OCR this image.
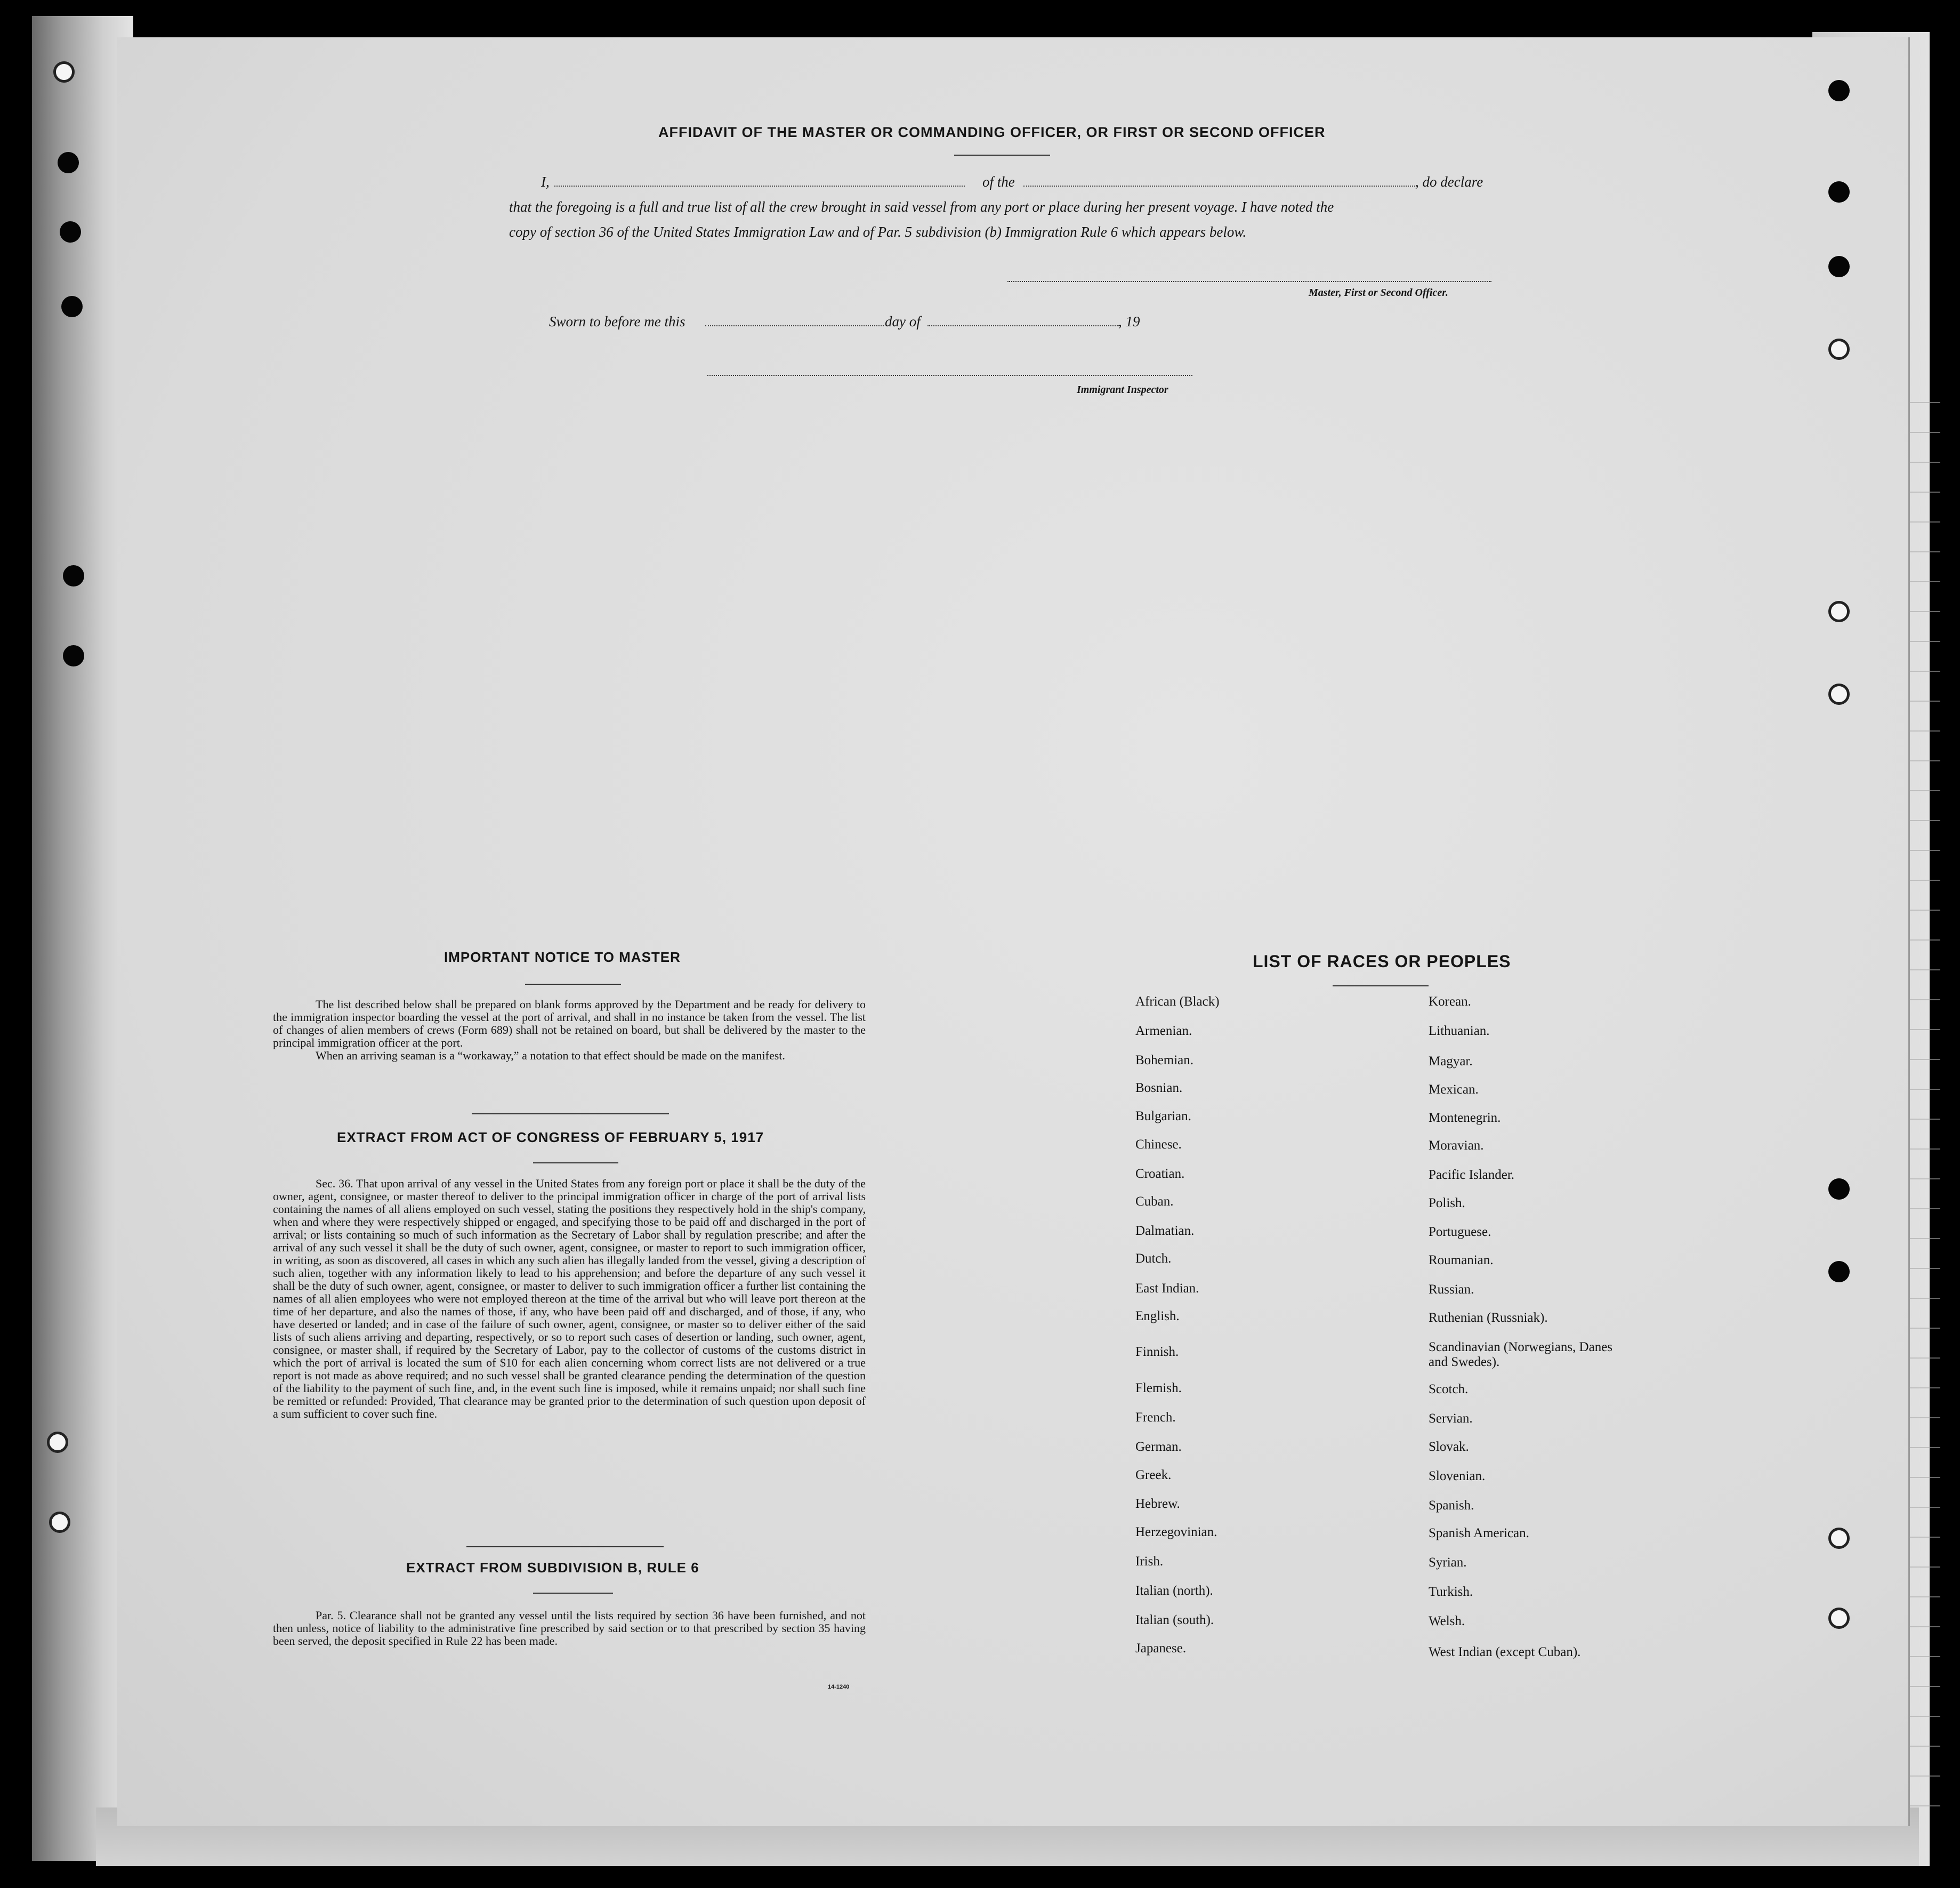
AFFIDAVIT OF THE MASTER OR COMMANDING OFFICER, OR FIRST OR SECOND OFFICER
I,	of the	, do declare
that the foregoing is a full and true list of all the crew brought in said vessel from any port or place during her present voyage. I have noted the
copy of section 36 of the United States Immigration Law and of Par. 5 subdivision (b) Immigration Rule 6 which appears below.
Master, First or Second Officer.
Sworn to before me this	day of	, 19
Immigrant Inspector
IMPORTANT NOTICE TO MASTER

The list described below shall be prepared on blank forms approved by the Department and be ready for delivery to the immigration inspector boarding the vessel at the port of arrival, and shall in no instance be taken from the vessel. The list of changes of alien members of crews (Form 689) shall not be retained on board, but shall be delivered by the master to the principal immigration officer at the port.

When an arriving seaman is a “workaway,” a notation to that effect should be made on the manifest.

EXTRACT FROM ACT OF CONGRESS OF FEBRUARY 5, 1917

Sec. 36. That upon arrival of any vessel in the United States from any foreign port or place it shall be the duty of the owner, agent, consignee, or master thereof to deliver to the principal immigration officer in charge of the port of arrival lists containing the names of all aliens employed on such vessel, stating the positions they respectively hold in the ship's company, when and where they were respectively shipped or engaged, and specifying those to be paid off and discharged in the port of arrival; or lists containing so much of such information as the Secretary of Labor shall by regulation prescribe; and after the arrival of any such vessel it shall be the duty of such owner, agent, consignee, or master to report to such immigration officer, in writing, as soon as discovered, all cases in which any such alien has illegally landed from the vessel, giving a description of such alien, together with any information likely to lead to his apprehension; and before the departure of any such vessel it shall be the duty of such owner, agent, consignee, or master to deliver to such immigration officer a further list containing the names of all alien employees who were not employed thereon at the time of the arrival but who will leave port thereon at the time of her departure, and also the names of those, if any, who have been paid off and discharged, and of those, if any, who have deserted or landed; and in case of the failure of such owner, agent, consignee, or master so to deliver either of the said lists of such aliens arriving and departing, respectively, or so to report such cases of desertion or landing, such owner, agent, consignee, or master shall, if required by the Secretary of Labor, pay to the collector of customs of the customs district in which the port of arrival is located the sum of $10 for each alien concerning whom correct lists are not delivered or a true report is not made as above required; and no such vessel shall be granted clearance pending the determination of the question of the liability to the payment of such fine, and, in the event such fine is imposed, while it remains unpaid; nor shall such fine be remitted or refunded: Provided, That clearance may be granted prior to the determination of such question upon deposit of a sum sufficient to cover such fine.

EXTRACT FROM SUBDIVISION B, RULE 6

Par. 5. Clearance shall not be granted any vessel until the lists required by section 36 have been furnished, and not then unless, notice of liability to the administrative fine prescribed by said section or to that prescribed by section 35 having been served, the deposit specified in Rule 22 has been made.

14-1240
LIST OF RACES OR PEOPLES
African (Black)
Armenian.
Bohemian.
Bosnian.
Bulgarian.
Chinese.
Croatian.
Cuban.
Dalmatian.
Dutch.
East Indian.
English.
Finnish.
Flemish.
French.
German.
Greek.
Hebrew.
Herzegovinian.
Irish.
Italian (north).
Italian (south).
Japanese.
Korean.
Lithuanian.
Magyar.
Mexican.
Montenegrin.
Moravian.
Pacific Islander.
Polish.
Portuguese.
Roumanian.
Russian.
Ruthenian (Russniak).
Scandinavian (Norwegians, Danes and Swedes).
Scotch.
Servian.
Slovak.
Slovenian.
Spanish.
Spanish American.
Syrian.
Turkish.
Welsh.
West Indian (except Cuban).
